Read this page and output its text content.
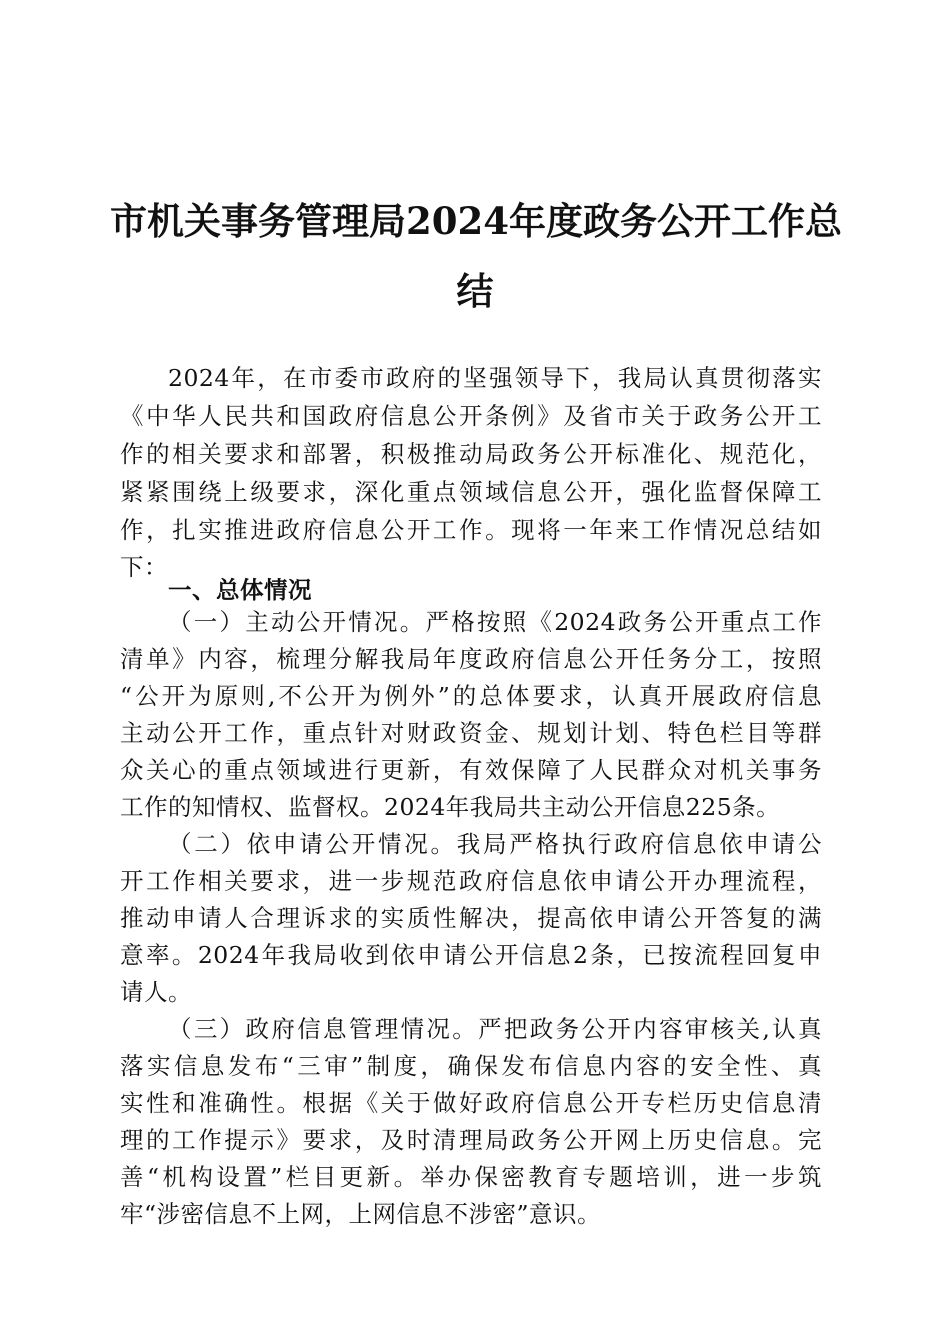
市机关事务管理局2024年度政务公开工作总
结
2024年，在市委市政府的坚强领导下，我局认真贯彻落实
《中华人民共和国政府信息公开条例》及省市关于政务公开工
作的相关要求和部署，积极推动局政务公开标准化、规范化，
紧紧围绕上级要求，深化重点领域信息公开，强化监督保障工
作，扎实推进政府信息公开工作。现将一年来工作情况总结如
下：
一、总体情况
（一）主动公开情况。严格按照《2024政务公开重点工作
清单》内容，梳理分解我局年度政府信息公开任务分工，按照
“公开为原则,不公开为例外”的总体要求，认真开展政府信息
主动公开工作，重点针对财政资金、规划计划、特色栏目等群
众关心的重点领域进行更新，有效保障了人民群众对机关事务
工作的知情权、监督权。2024年我局共主动公开信息225条。
（二）依申请公开情况。我局严格执行政府信息依申请公
开工作相关要求，进一步规范政府信息依申请公开办理流程，
推动申请人合理诉求的实质性解决，提高依申请公开答复的满
意率。2024年我局收到依申请公开信息2条，已按流程回复申
请人。
（三）政府信息管理情况。严把政务公开内容审核关,认真
落实信息发布“三审”制度，确保发布信息内容的安全性、真
实性和准确性。根据《关于做好政府信息公开专栏历史信息清
理的工作提示》要求，及时清理局政务公开网上历史信息。完
善“机构设置”栏目更新。举办保密教育专题培训，进一步筑
牢“涉密信息不上网，上网信息不涉密”意识。
